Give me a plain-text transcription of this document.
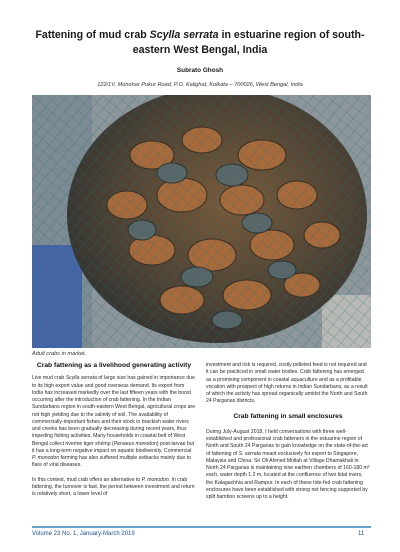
Fattening of mud crab Scylla serrata in estuarine region of south-eastern West Bengal, India
Subrato Ghosh
122/1V, Monohar Pukur Road, P.O. Kalighat, Kolkata – 700026, West Bengal, India
Adult crabs in market.
Crab fattening as a livelihood generating activity

Live mud crab Scylla serrata of large size has gained in importance due to its high export value and good overseas demand. Its export from India has increased markedly over the last fifteen years with the boost occurring after the introduction of crab fattening. In the Indian Sundarbans region in south-eastern West Bengal, agricultural crops are not high yielding due to the salinity of soil. The availability of commercially-important fishes and their stock in brackish water rivers and creeks has been gradually decreasing during recent years, thus impeding fishing activities. Many households in coastal belt of West Bengal collect riverine tiger shrimp (Penaeus monodon) post-larvae but it has a long-term negative impact on aquatic biodiversity. Commercial P. monodon farming has also suffered multiple setbacks mainly due to flare of viral diseases.

In this context, mud crab offers an alternative to P. monodon. In crab fattening, the turnover is fast, the period between investment and return is relatively short, a lower level of

investment and risk is required, costly pelleted feed is not required and it can be practiced in small water bodies. Crab fattening has emerged as a promising component in coastal aquaculture and as a profitable vocation with prospect of high returns in Indian Sundarbans, as a result of which the activity has spread organically amidst the North and South 24 Parganas districts.

Crab fattening in small enclosures

During July-August 2018, I held conversations with three well-established and professional crab fatteners in the estuarine region of North and South 24 Parganas to gain knowledge on the state-of-the-art of fattening of S. serrata meant exclusively for export to Singapore, Malaysia and China. Sri Oli Ahmed Mollah at Village Dhamakhali in North 24 Parganas is maintaining nine earthen chambers of 160-180 m² each, water depth 1.2 m, located at the confluence of two tidal rivers, the Kalagachhia and Rampur. In each of these tide-fed crab fattening enclosures have been established with strong net fencing supported by split bamboo screens up to a height.

Volume 23 No. 1, January-March 2019	11
